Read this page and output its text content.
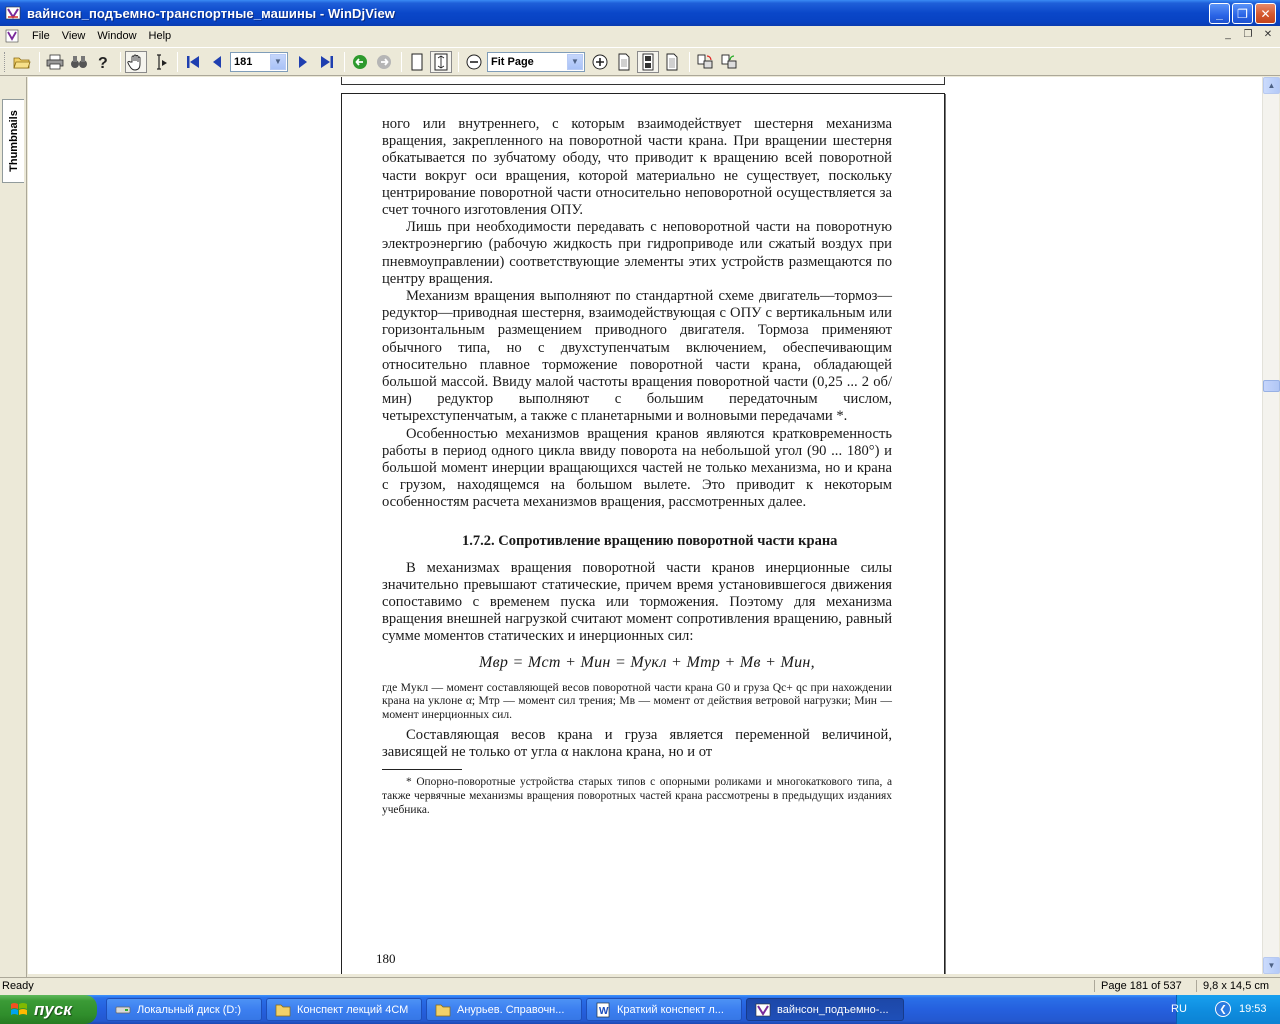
вайнсон_подъемно-транспортные_машины - WinDjView	_ ❐ ✕
File	View	Window	Help	_	❐	✕
?	181	▼	Fit Page	▼
Thumbnails	ного или внутреннего, с которым взаимодействует шестерня механизма вращения, закрепленного на поворотной части крана. При вращении шестерня обкатывается по зубчатому ободу, что приводит к вращению всей поворотной части вокруг оси вращения, которой материально не существует, поскольку центрирование поворотной части относительно неповоротной осуществляется за счет точного изготовления ОПУ.

Лишь при необходимости передавать с неповоротной части на поворотную электроэнергию (рабочую жидкость при гидроприводе или сжатый воздух при пневмоуправлении) соответствующие элементы этих устройств размещаются по центру вращения.

Механизм вращения выполняют по стандартной схеме двигатель—тормоз—редуктор—приводная шестерня, взаимодействующая с ОПУ с вертикальным или горизонтальным размещением приводного двигателя. Тормоза применяют обычного типа, но с двухступенчатым включением, обеспечивающим относительно плавное торможение поворотной части крана, обладающей большой массой. Ввиду малой частоты вращения поворотной части (0,25 ... 2 об/мин) редуктор выполняют с большим передаточным числом, четырехступенчатым, а также с планетарными и волновыми передачами *.

Особенностью механизмов вращения кранов являются кратковременность работы в период одного цикла ввиду поворота на небольшой угол (90 ... 180°) и большой момент инерции вращающихся частей не только механизма, но и крана с грузом, находящемся на большом вылете. Это приводит к некоторым особенностям расчета механизмов вращения, рассмотренных далее.

1.7.2. Сопротивление вращению поворотной части крана

В механизмах вращения поворотной части кранов инерционные силы значительно превышают статические, причем время установившегося движения сопоставимо с временем пуска или торможения. Поэтому для механизма вращения внешней нагрузкой считают момент сопротивления вращению, равный сумме моментов статических и инерционных сил:

Mвр = Mст + Mин = Mукл + Mтр + Mв + Mин,

где Mукл — момент составляющей весов поворотной части крана G0 и груза Qc+ qc при нахождении крана на уклоне α; Mтр — момент сил трения; Mв — момент от действия ветровой нагрузки; Mин — момент инерционных сил.

Составляющая весов крана и груза является переменной величиной, зависящей не только от угла α наклона крана, но и от

* Опорно-поворотные устройства старых типов с опорными роликами и многокаткового типа, а также червячные механизмы вращения поворотных частей крана рассмотрены в предыдущих изданиях учебника.

180
▲
▼
Ready	Page 181 of 537	9,8 x 14,5 cm
пуск	Локальный диск (D:)	Конспект лекций 4СМ	Анурьев. Справочн...	W Краткий конспект л...	вайнсон_подъемно-...	RU	❮ 19:53
